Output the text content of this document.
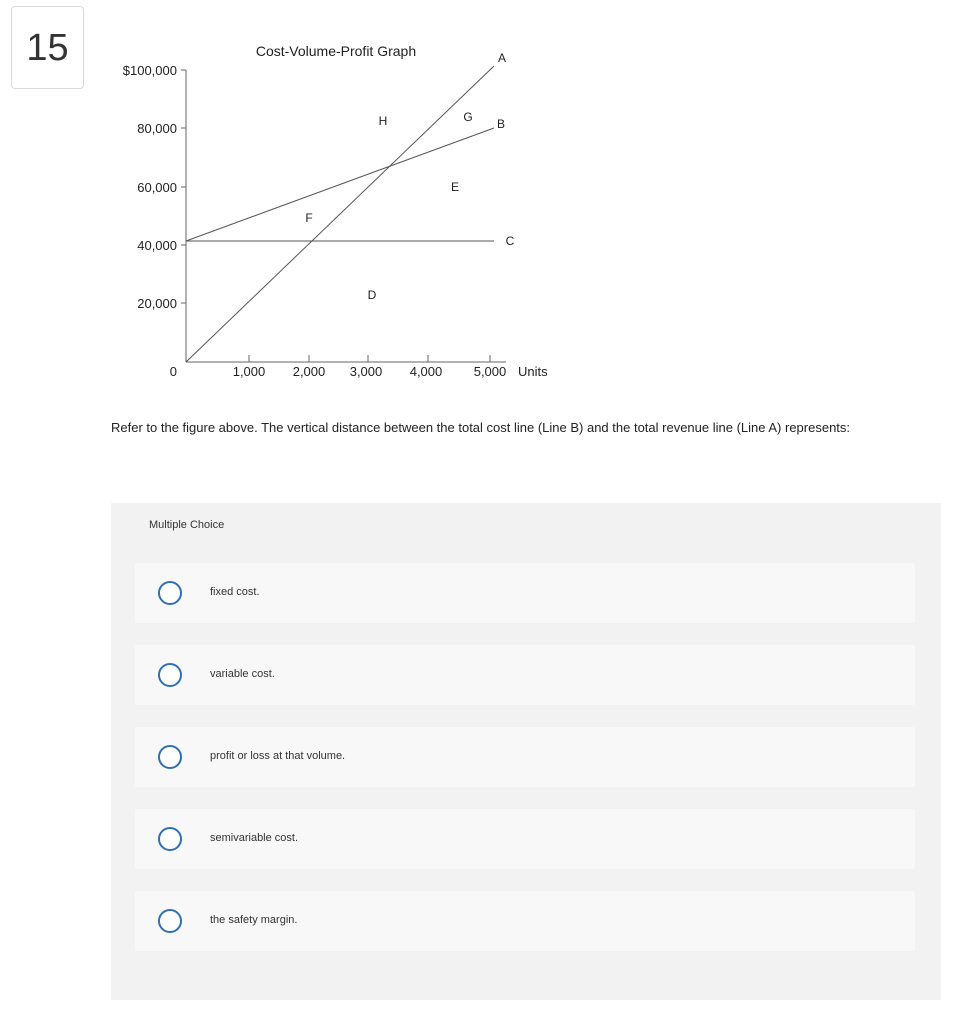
15	Cost-Volume-Profit Graph
$100,000
80,000
60,000
40,000
20,000
0	1,000 2,000 3,000 4,000 5,000 Units
A
B
C
D
E
F
G
H
Refer to the figure above. The vertical distance between the total cost line (Line B) and the total revenue line (Line A) represents:
Multiple Choice
fixed cost.
variable cost.
profit or loss at that volume.
semivariable cost.
the safety margin.
